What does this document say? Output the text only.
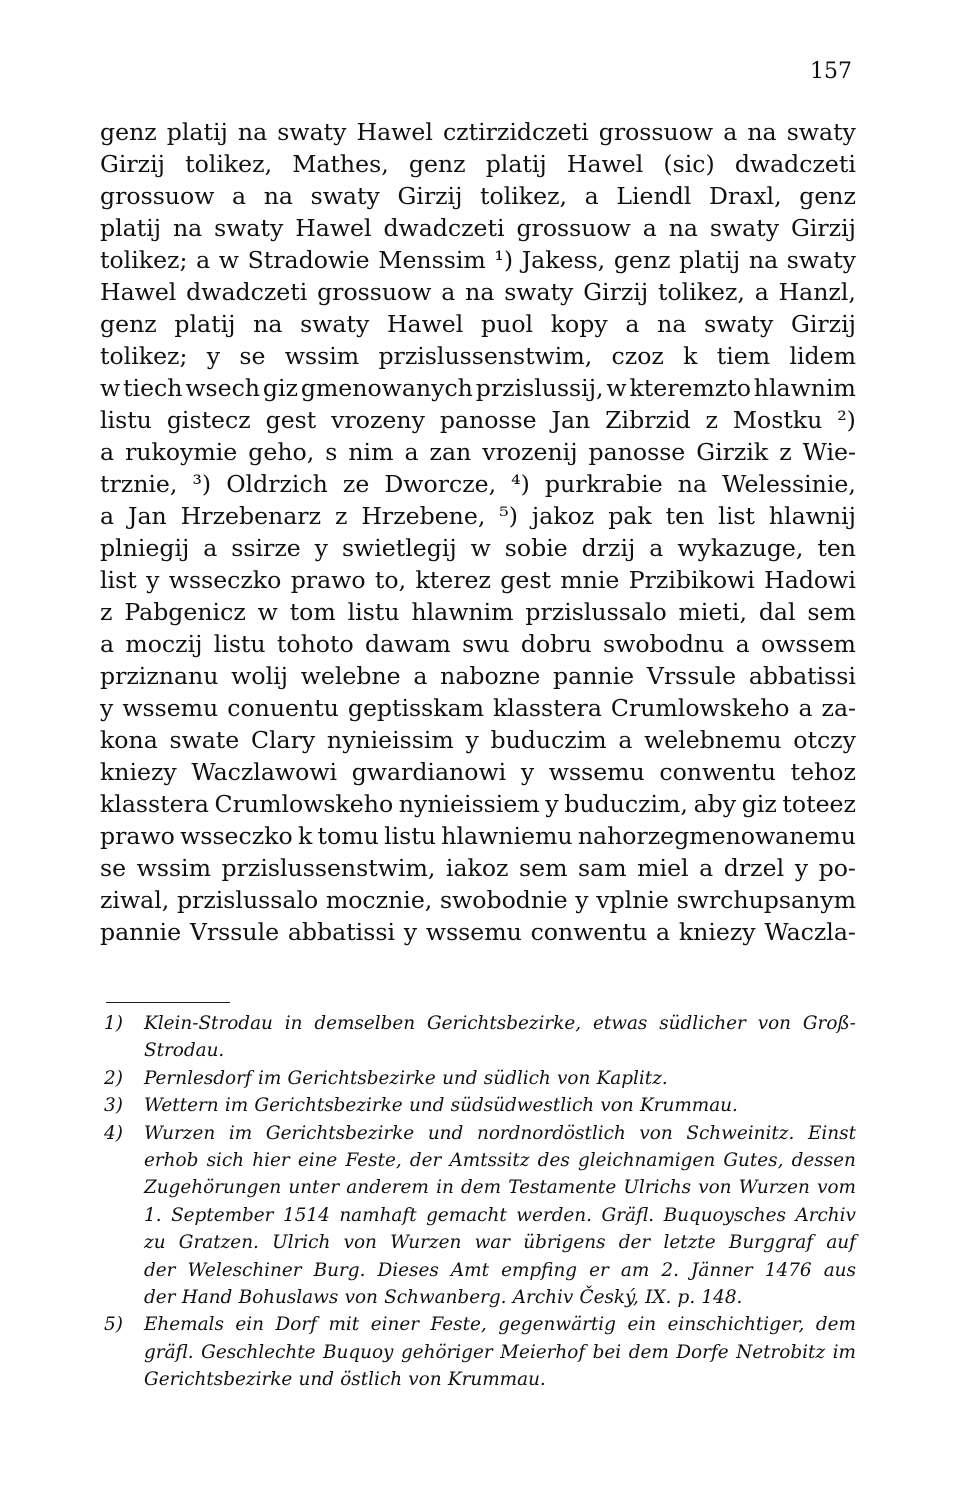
157
genz platij na swaty Hawel cztirzidczeti grossuow a na swaty
Girzij tolikez, Mathes, genz platij Hawel (sic) dwadczeti
grossuow a na swaty Girzij tolikez, a Liendl Draxl, genz
platij na swaty Hawel dwadczeti grossuow a na swaty Girzij
tolikez; a w Stradowie Menssim ¹) Jakess, genz platij na swaty
Hawel dwadczeti grossuow a na swaty Girzij tolikez, a Hanzl,
genz platij na swaty Hawel puol kopy a na swaty Girzij
tolikez; y se wssim przislussenstwim, czoz k tiem lidem
w tiech wsech giz gmenowanych przislussij, w kteremzto hlawnim
listu gistecz gest vrozeny panosse Jan Zibrzid z Mostku ²)
a rukoymie geho, s nim a zan vrozenij panosse Girzik z Wie-
trznie, ³) Oldrzich ze Dworcze, ⁴) purkrabie na Welessinie,
a Jan Hrzebenarz z Hrzebene, ⁵) jakoz pak ten list hlawnij
plniegij a ssirze y swietlegij w sobie drzij a wykazuge, ten
list y wsseczko prawo to, kterez gest mnie Przibikowi Hadowi
z Pabgenicz w tom listu hlawnim przislussalo mieti, dal sem
a moczij listu tohoto dawam swu dobru swobodnu a owssem
prziznanu wolij welebne a nabozne pannie Vrssule abbatissi
y wssemu conuentu geptisskam klasstera Crumlowskeho a za-
kona swate Clary nynieissim y buduczim a welebnemu otczy
kniezy Waczlawowi gwardianowi y wssemu conwentu tehoz
klasstera Crumlowskeho nynieissiem y buduczim, aby giz toteez
prawo wsseczko k tomu listu hlawniemu nahorzegmenowanemu
se wssim przislussenstwim, iakoz sem sam miel a drzel y po-
ziwal, przislussalo mocznie, swobodnie y vplnie swrchupsanym
pannie Vrssule abbatissi y wssemu conwentu a kniezy Waczla-
1) Klein-Strodau in demselben Gerichtsbezirke, etwas südlicher von Groß-
Strodau.
2) Pernlesdorf im Gerichtsbezirke und südlich von Kaplitz.
3) Wettern im Gerichtsbezirke und südsüdwestlich von Krummau.
4) Wurzen im Gerichtsbezirke und nordnordöstlich von Schweinitz. Einst
erhob sich hier eine Feste, der Amtssitz des gleichnamigen Gutes, dessen
Zugehörungen unter anderem in dem Testamente Ulrichs von Wurzen vom
1. September 1514 namhaft gemacht werden. Gräfl. Buquoysches Archiv
zu Gratzen. Ulrich von Wurzen war übrigens der letzte Burggraf auf
der Weleschiner Burg. Dieses Amt empfing er am 2. Jänner 1476 aus
der Hand Bohuslaws von Schwanberg. Archiv Český, IX. p. 148.
5) Ehemals ein Dorf mit einer Feste, gegenwärtig ein einschichtiger, dem
gräfl. Geschlechte Buquoy gehöriger Meierhof bei dem Dorfe Netrobitz im
Gerichtsbezirke und östlich von Krummau.
